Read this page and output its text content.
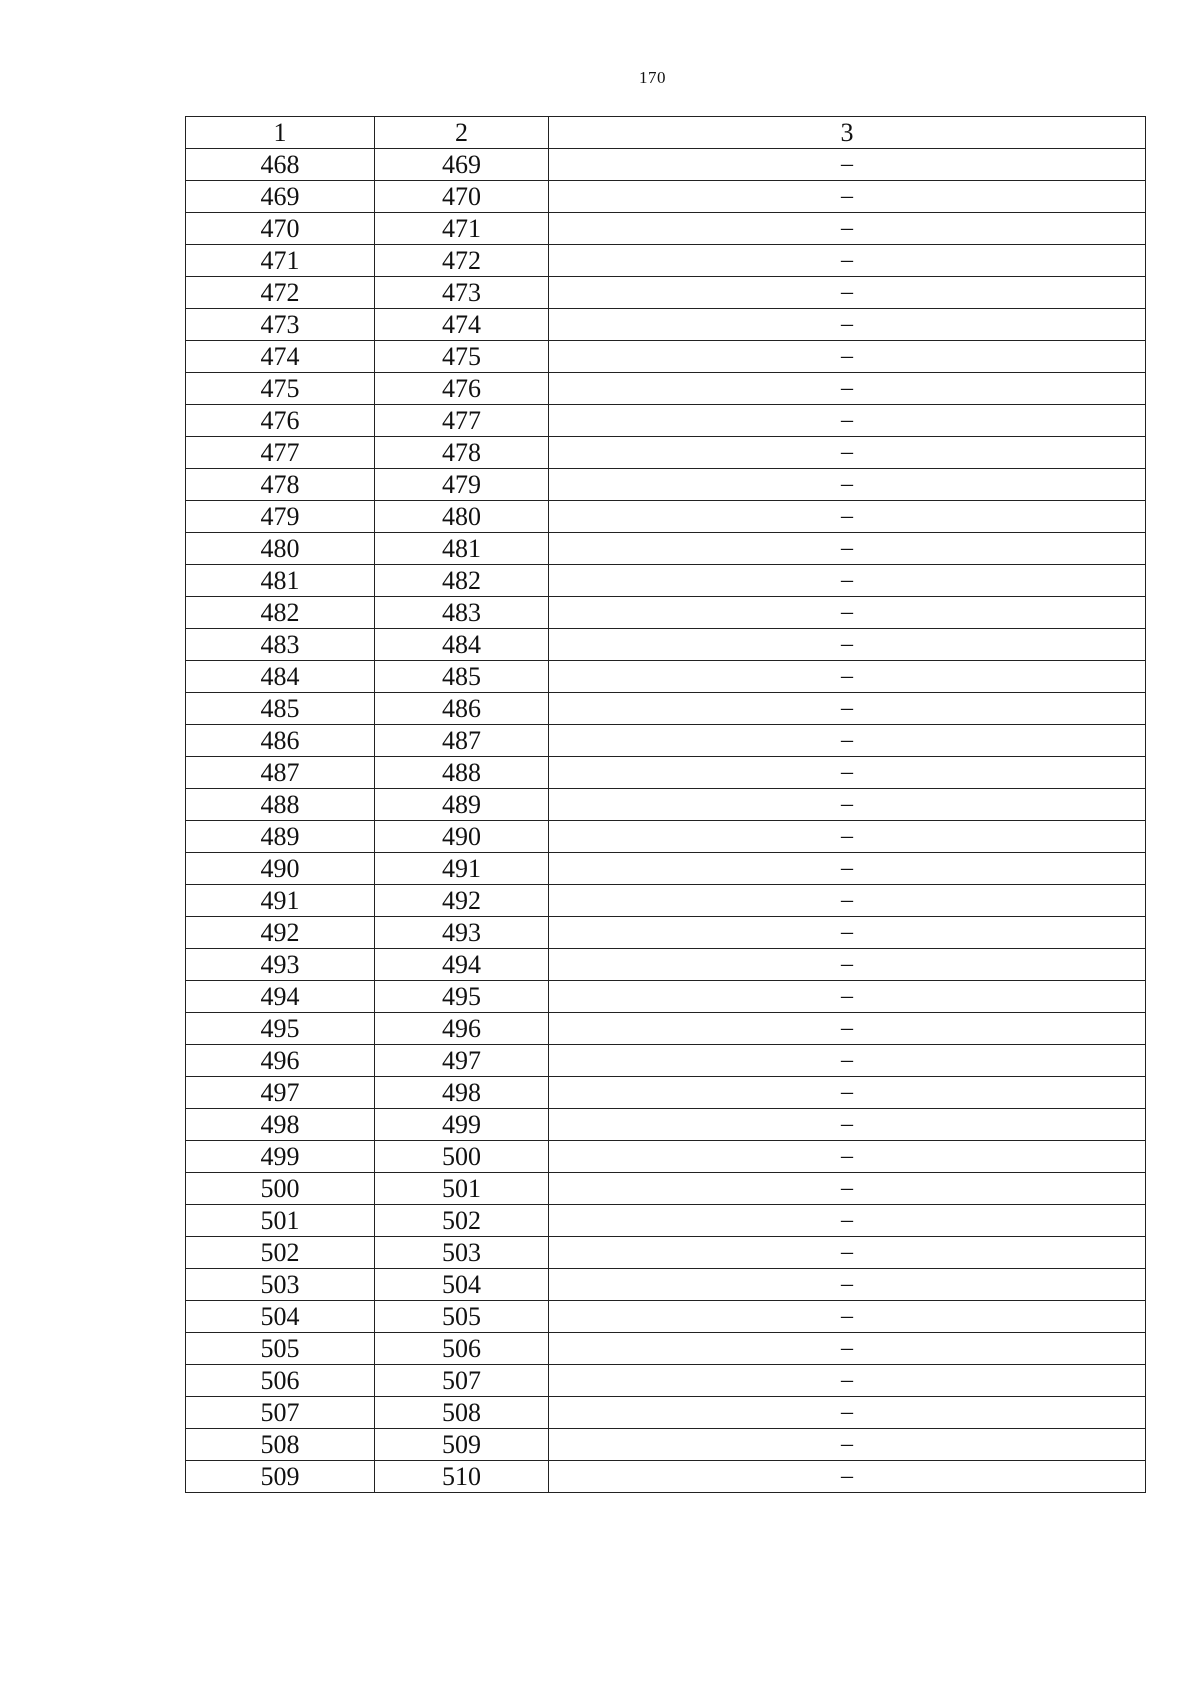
170
1	2	3
468	469	–
469	470	–
470	471	–
471	472	–
472	473	–
473	474	–
474	475	–
475	476	–
476	477	–
477	478	–
478	479	–
479	480	–
480	481	–
481	482	–
482	483	–
483	484	–
484	485	–
485	486	–
486	487	–
487	488	–
488	489	–
489	490	–
490	491	–
491	492	–
492	493	–
493	494	–
494	495	–
495	496	–
496	497	–
497	498	–
498	499	–
499	500	–
500	501	–
501	502	–
502	503	–
503	504	–
504	505	–
505	506	–
506	507	–
507	508	–
508	509	–
509	510	–
